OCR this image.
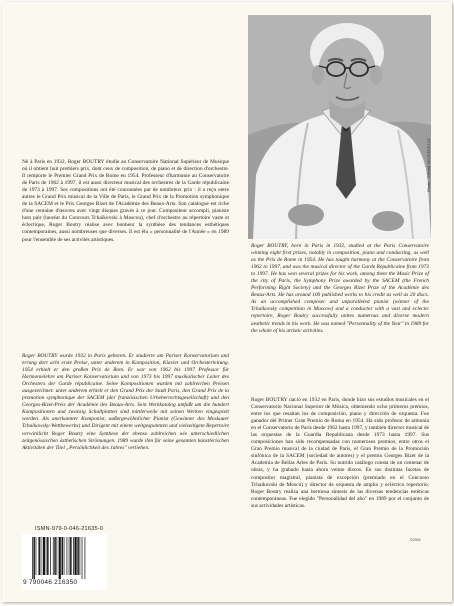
Photo : Gérard NEUVECELLE

Né à Paris en 1932, Roger BOUTRY étudie au Conservatoire National Supérieur de Musique où il obtient huit premiers prix, dont ceux de composition, de piano et de direction d'orchestre. Il remporte le Premier Grand Prix de Rome en 1954. Professeur d'harmonie au Conservatoire de Paris de 1962 à 1997, il est aussi directeur musical des orchestres de la Garde républicaine de 1973 à 1997. Ses compositions ont été couronnées par de nombreux prix : il a reçu entre autres le Grand Prix musical de la Ville de Paris, le Grand Prix de la Promotion symphonique de la SACEM et le Prix Georges Bizet de l'Académie des Beaux-Arts. Son catalogue est riche d'une centaine d'œuvres avec vingt disques gravés à ce jour. Compositeur accompli, pianiste hors pair (lauréat du Concours Tchaïkovski à Moscou), chef d'orchestre au répertoire vaste et éclectique, Roger Boutry réalise avec bonheur la synthèse des tendances esthétiques contemporaines, aussi nombreuses que diverses. Il est élu « personnalité de l'Année » en 1989 pour l'ensemble de ses activités artistiques.

Roger BOUTRY wurde 1932 in Paris geboren. Er studierte am Pariser Konservatorium und errang dort acht erste Preise, unter anderem in Komposition, Klavier und Orchesterleitung. 1954 erhielt er den großen Prix de Rom. Er war von 1962 bis 1997 Professor für Harmonielehre am Pariser Konservatorium und von 1973 bis 1997 musikalischer Leiter des Orchesters der Garde républicaine. Seine Kompositionen wurden mit zahlreichen Preisen ausgezeichnet: unter anderem erhielt er den Grand Prix der Stadt Paris, den Grand Prix de la promotion symphonique der SACEM (der französischen Urheberrechtsgesellschaft) und den Georges-Bizet-Preis der Académie des Beaux-Arts. Sein Werkkatalog umfaßt um die hundert Kompositionen und zwanzig Schallplatten sind mittlerweile mit seinen Werken eingespielt worden. Als anerkannter Komponist, außergewöhnlicher Pianist (Gewinner des Moskauer Tchaikowsky-Wettbewerbs) und Dirigent mit einem weitgespannten und vielseitigem Repertoire verwirklicht Roger Boutry eine Synthese der ebenso zahlreichen wie unterschiedlichen zeitgenössischen ästhetischen Strömungen. 1989 wurde ihm für seine gesamten künstlerischen Aktivitäten der Titel „Persönlichkeit des Jahres" verliehen.

Roger BOUTRY, born in Paris in 1932, studied at the Paris Conservatoire winning eight first prizes, notably in composition, piano and conducting, as well as the Prix de Rome in 1954. He has taught harmony at the Conservatoire from 1962 to 1997, and was the musical director of the Garde Républicaine from 1973 to 1997. He has won several prizes for his work, among them the Music Prize of the city of Paris, the Symphony Prize awarded by the SACEM (the French Performing Right Society) and the Georges Bizet Prize of the Académie des Beaux-Arts. He has around 100 published works to his credit as well as 20 discs. As an accomplished composer and unparalleled pianist (winner of the Tchaikovsky competition in Moscow) and a conductor with a vast and eclectic repertoire, Roger Boutry successfully unites numerous and diverse modern aesthetic trends in his work. He was named "Personnality of the Year" in 1989 for the whole of his artistic activities.

Roger BOUTRY nació en 1932 en París, donde hizo sus estudios musicales en el Conservatorio Nacional Superior de Música, obteniendo ocho primeros premios, entre los que resaltan los de composición, piano y dirección de orquesta. Fue ganador del Primer Gran Premio de Roma en 1954. Ha sido profesor de armonía en el Conservatorio de París desde 1962 hasta 1997, y también director musical de las orquestas de la Guardia Republicana desde 1973 hasta 1997. Sus composiciones han sido recompensadas con numerosos premios, entre otros el Gran Premio musical de la ciudad de París, el Gran Premio de la Promoción sinfónica de la SACEM (sociedad de autores) y el premio Georges Bizet de la Academia de Bellas Artes de París. Su nutrido catálogo consta de un centenar de obras, y ha grabado hasta ahora veinte discos. En sus distintas facetas de compositor magistral, pianista de excepción (premiado en el Concurso Tchaikovski de Moscú) y director de orquesta de amplio y ecléctico repertorio, Roger Boutry realiza una hermosa síntesis de las diversas tendencias estéticas contemporáneas. Fue elegido "Personalidad del año" en 1989 por el conjunto de sus actividades artísticas.

©2004
ISMN-979-0-046-21635-0
9 790046 216350
